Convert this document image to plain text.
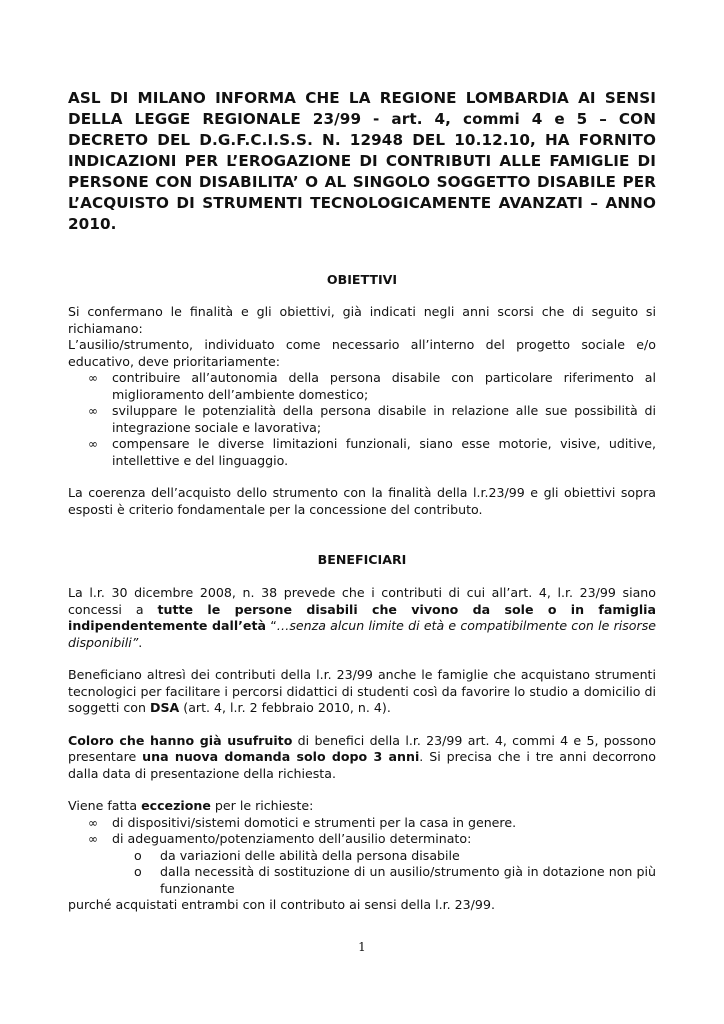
ASL DI MILANO INFORMA CHE LA REGIONE LOMBARDIA AI SENSI DELLA LEGGE REGIONALE 23/99 - art. 4, commi 4 e 5 – CON DECRETO DEL D.G.F.C.I.S.S. N. 12948 DEL 10.12.10, HA FORNITO INDICAZIONI PER L’EROGAZIONE DI CONTRIBUTI ALLE FAMIGLIE DI PERSONE CON DISABILITA’ O AL SINGOLO SOGGETTO DISABILE PER L’ACQUISTO DI STRUMENTI TECNOLOGICAMENTE AVANZATI – ANNO 2010.

OBIETTIVI

Si confermano le finalità e gli obiettivi, già indicati negli anni scorsi che di seguito si richiamano:

L’ausilio/strumento, individuato come necessario all’interno del progetto sociale e/o educativo, deve prioritariamente:

∞ contribuire all’autonomia della persona disabile con particolare riferimento al miglioramento dell’ambiente domestico;
∞ sviluppare le potenzialità della persona disabile in relazione alle sue possibilità di integrazione sociale e lavorativa;
∞ compensare le diverse limitazioni funzionali, siano esse motorie, visive, uditive, intellettive e del linguaggio.

La coerenza dell’acquisto dello strumento con la finalità della l.r.23/99 e gli obiettivi sopra esposti è criterio fondamentale per la concessione del contributo.

BENEFICIARI

La l.r. 30 dicembre 2008, n. 38 prevede che i contributi di cui all’art. 4, l.r. 23/99 siano concessi a tutte le persone disabili che vivono da sole o in famiglia indipendentemente dall’età “…senza alcun limite di età e compatibilmente con le risorse disponibili”.

Beneficiano altresì dei contributi della l.r. 23/99 anche le famiglie che acquistano strumenti tecnologici per facilitare i percorsi didattici di studenti così da favorire lo studio a domicilio di soggetti con DSA (art. 4, l.r. 2 febbraio 2010, n. 4).

Coloro che hanno già usufruito di benefici della l.r. 23/99 art. 4, commi 4 e 5, possono presentare una nuova domanda solo dopo 3 anni. Si precisa che i tre anni decorrono dalla data di presentazione della richiesta.

Viene fatta eccezione per le richieste:

∞ di dispositivi/sistemi domotici e strumenti per la casa in genere.
∞ di adeguamento/potenziamento dell’ausilio determinato:
o da variazioni delle abilità della persona disabile
o dalla necessità di sostituzione di un ausilio/strumento già in dotazione non più funzionante

purché acquistati entrambi con il contributo ai sensi della l.r. 23/99.

1
